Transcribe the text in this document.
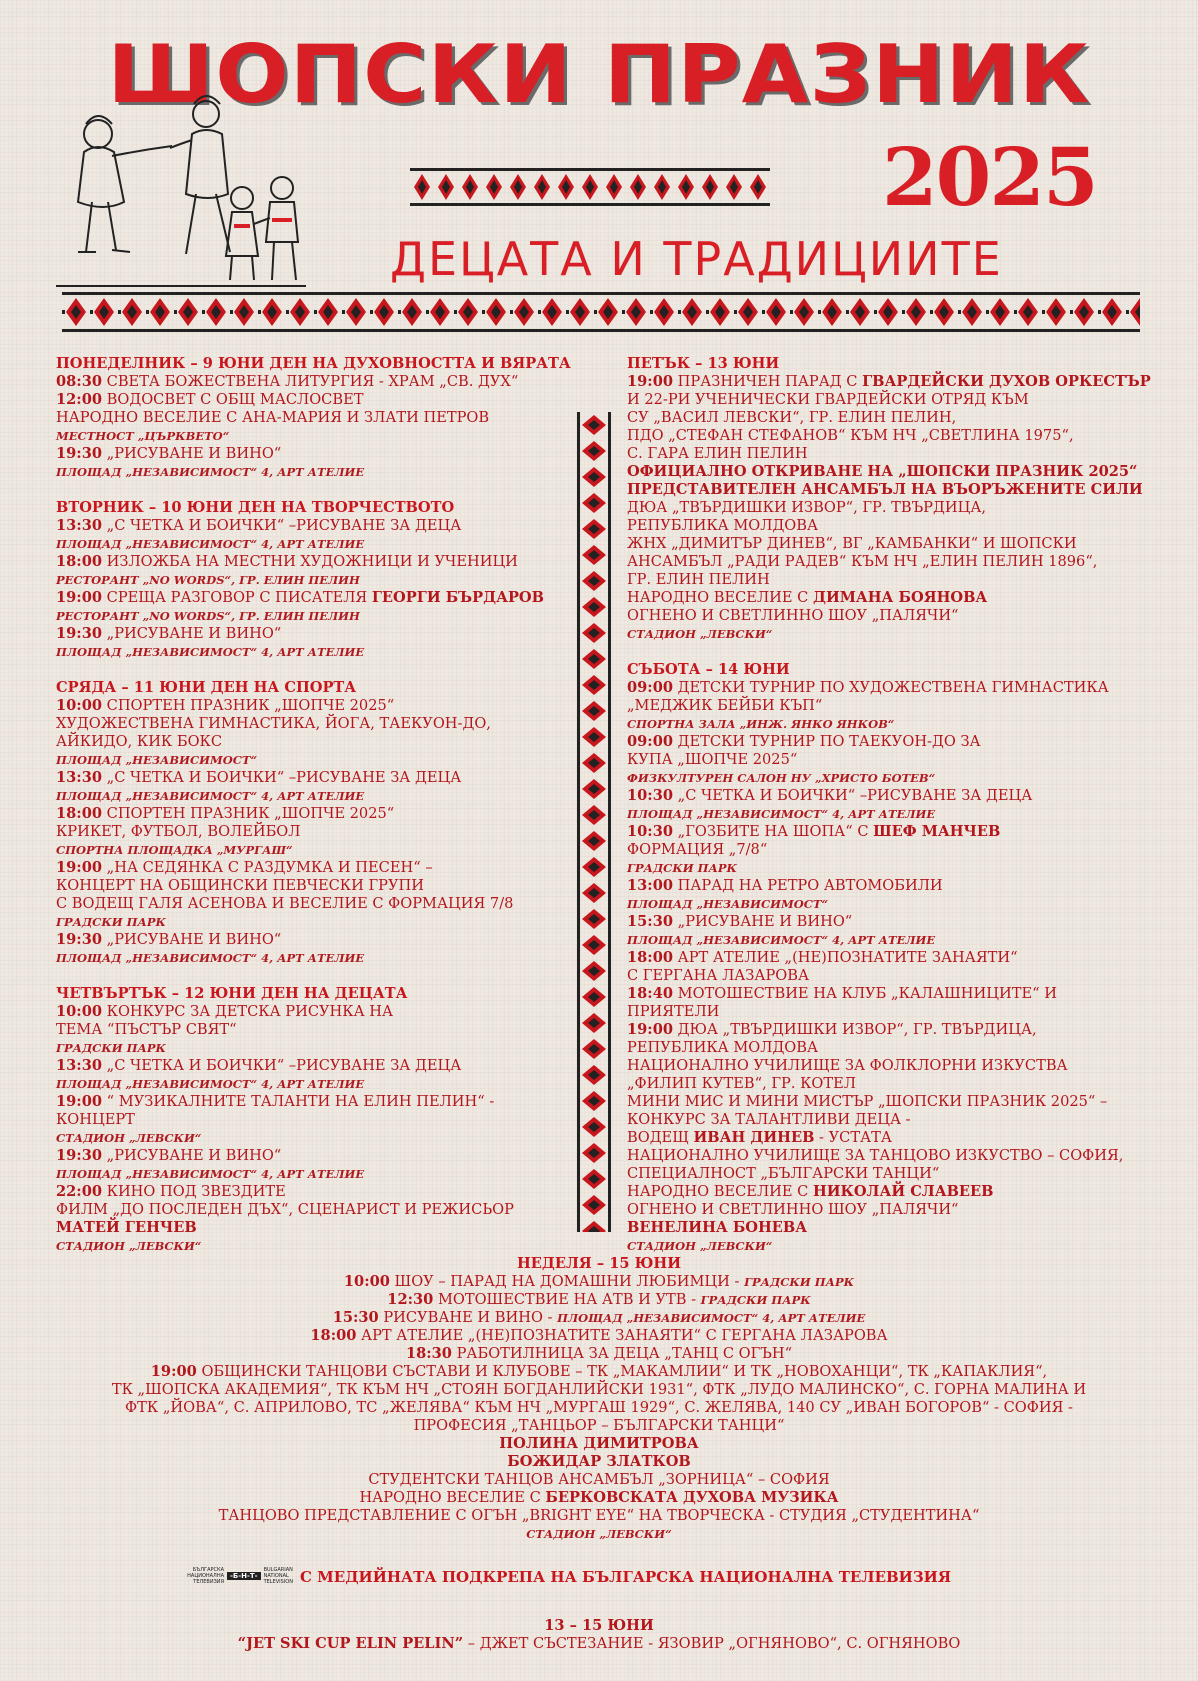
ШОПСКИ ПРАЗНИК
2025
ДЕЦАТА И ТРАДИЦИИТЕ
ПОНЕДЕЛНИК – 9 ЮНИ ДЕН НА ДУХОВНОСТТА И ВЯРАТА
08:30 СВЕТА БОЖЕСТВЕНА ЛИТУРГИЯ - ХРАМ „СВ. ДУХ“
12:00 ВОДОСВЕТ С ОБЩ МАСЛОСВЕТ
НАРОДНО ВЕСЕЛИЕ С АНА-МАРИЯ И ЗЛАТИ ПЕТРОВ
МЕСТНОСТ „ЦЪРКВЕТО“
19:30 „РИСУВАНЕ И ВИНО“
ПЛОЩАД „НЕЗАВИСИМОСТ“ 4, АРТ АТЕЛИЕ
ВТОРНИК – 10 ЮНИ ДЕН НА ТВОРЧЕСТВОТО
13:30 „С ЧЕТКА И БОИЧКИ“ –РИСУВАНЕ ЗА ДЕЦА
ПЛОЩАД „НЕЗАВИСИМОСТ“ 4, АРТ АТЕЛИЕ
18:00 ИЗЛОЖБА НА МЕСТНИ ХУДОЖНИЦИ И УЧЕНИЦИ
РЕСТОРАНТ „NO WORDS“, ГР. ЕЛИН ПЕЛИН
19:00 СРЕЩА РАЗГОВОР С ПИСАТЕЛЯ ГЕОРГИ БЪРДАРОВ
РЕСТОРАНТ „NO WORDS“, ГР. ЕЛИН ПЕЛИН
19:30 „РИСУВАНЕ И ВИНО“
ПЛОЩАД „НЕЗАВИСИМОСТ“ 4, АРТ АТЕЛИЕ
СРЯДА – 11 ЮНИ ДЕН НА СПОРТА
10:00 СПОРТЕН ПРАЗНИК „ШОПЧЕ 2025“
ХУДОЖЕСТВЕНА ГИМНАСТИКА, ЙОГА, ТАЕКУОН-ДО,
АЙКИДО, КИК БОКС
ПЛОЩАД „НЕЗАВИСИМОСТ“
13:30 „С ЧЕТКА И БОИЧКИ“ –РИСУВАНЕ ЗА ДЕЦА
ПЛОЩАД „НЕЗАВИСИМОСТ“ 4, АРТ АТЕЛИЕ
18:00 СПОРТЕН ПРАЗНИК „ШОПЧЕ 2025“
КРИКЕТ, ФУТБОЛ, ВОЛЕЙБОЛ
СПОРТНА ПЛОЩАДКА „МУРГАШ“
19:00 „НА СЕДЯНКА С РАЗДУМКА И ПЕСЕН“ –
КОНЦЕРТ НА ОБЩИНСКИ ПЕВЧЕСКИ ГРУПИ
С ВОДЕЩ ГАЛЯ АСЕНОВА И ВЕСЕЛИЕ С ФОРМАЦИЯ 7/8
ГРАДСКИ ПАРК
19:30 „РИСУВАНЕ И ВИНО“
ПЛОЩАД „НЕЗАВИСИМОСТ“ 4, АРТ АТЕЛИЕ
ЧЕТВЪРТЪК – 12 ЮНИ ДЕН НА ДЕЦАТА
10:00 КОНКУРС ЗА ДЕТСКА РИСУНКА НА
ТЕМА “ПЪСТЪР СВЯТ“
ГРАДСКИ ПАРК
13:30 „С ЧЕТКА И БОИЧКИ“ –РИСУВАНЕ ЗА ДЕЦА
ПЛОЩАД „НЕЗАВИСИМОСТ“ 4, АРТ АТЕЛИЕ
19:00 “ МУЗИКАЛНИТЕ ТАЛАНТИ НА ЕЛИН ПЕЛИН“ -
КОНЦЕРТ
СТАДИОН „ЛЕВСКИ“
19:30 „РИСУВАНЕ И ВИНО“
ПЛОЩАД „НЕЗАВИСИМОСТ“ 4, АРТ АТЕЛИЕ
22:00 КИНО ПОД ЗВЕЗДИТЕ
ФИЛМ „ДО ПОСЛЕДЕН ДЪХ“, СЦЕНАРИСТ И РЕЖИСЬОР
МАТЕЙ ГЕНЧЕВ
СТАДИОН „ЛЕВСКИ“
ПЕТЪК – 13 ЮНИ
19:00 ПРАЗНИЧЕН ПАРАД С ГВАРДЕЙСКИ ДУХОВ ОРКЕСТЪР
И 22-РИ УЧЕНИЧЕСКИ ГВАРДЕЙСКИ ОТРЯД КЪМ
СУ „ВАСИЛ ЛЕВСКИ“, ГР. ЕЛИН ПЕЛИН,
ПДО „СТЕФАН СТЕФАНОВ“ КЪМ НЧ „СВЕТЛИНА 1975“,
С. ГАРА ЕЛИН ПЕЛИН
ОФИЦИАЛНО ОТКРИВАНЕ НА „ШОПСКИ ПРАЗНИК 2025“
ПРЕДСТАВИТЕЛЕН АНСАМБЪЛ НА ВЪОРЪЖЕНИТЕ СИЛИ
ДЮА „ТВЪРДИШКИ ИЗВОР“, ГР. ТВЪРДИЦА,
РЕПУБЛИКА МОЛДОВА
ЖНХ „ДИМИТЪР ДИНЕВ“, ВГ „КАМБАНКИ“ И ШОПСКИ
АНСАМБЪЛ „РАДИ РАДЕВ“ КЪМ НЧ „ЕЛИН ПЕЛИН 1896“,
ГР. ЕЛИН ПЕЛИН
НАРОДНО ВЕСЕЛИЕ С ДИМАНА БОЯНОВА
ОГНЕНО И СВЕТЛИННО ШОУ „ПАЛЯЧИ“
СТАДИОН „ЛЕВСКИ“
СЪБОТА – 14 ЮНИ
09:00 ДЕТСКИ ТУРНИР ПО ХУДОЖЕСТВЕНА ГИМНАСТИКА
„МЕДЖИК БЕЙБИ КЪП“
СПОРТНА ЗАЛА „ИНЖ. ЯНКО ЯНКОВ“
09:00 ДЕТСКИ ТУРНИР ПО ТАЕКУОН-ДО ЗА
КУПА „ШОПЧЕ 2025“
ФИЗКУЛТУРЕН САЛОН НУ „ХРИСТО БОТЕВ“
10:30 „С ЧЕТКА И БОИЧКИ“ –РИСУВАНЕ ЗА ДЕЦА
ПЛОЩАД „НЕЗАВИСИМОСТ“ 4, АРТ АТЕЛИЕ
10:30 „ГОЗБИТЕ НА ШОПА“ С ШЕФ МАНЧЕВ
ФОРМАЦИЯ „7/8“
ГРАДСКИ ПАРК
13:00 ПАРАД НА РЕТРО АВТОМОБИЛИ
ПЛОЩАД „НЕЗАВИСИМОСТ“
15:30 „РИСУВАНЕ И ВИНО“
ПЛОЩАД „НЕЗАВИСИМОСТ“ 4, АРТ АТЕЛИЕ
18:00 АРТ АТЕЛИЕ „(НЕ)ПОЗНАТИТЕ ЗАНАЯТИ“
С ГЕРГАНА ЛАЗАРОВА
18:40 МОТОШЕСТВИЕ НА КЛУБ „КАЛАШНИЦИТЕ“ И
ПРИЯТЕЛИ
19:00 ДЮА „ТВЪРДИШКИ ИЗВОР“, ГР. ТВЪРДИЦА,
РЕПУБЛИКА МОЛДОВА
НАЦИОНАЛНО УЧИЛИЩЕ ЗА ФОЛКЛОРНИ ИЗКУСТВА
„ФИЛИП КУТЕВ“, ГР. КОТЕЛ
МИНИ МИС И МИНИ МИСТЪР „ШОПСКИ ПРАЗНИК 2025“ –
КОНКУРС ЗА ТАЛАНТЛИВИ ДЕЦА -
ВОДЕЩ ИВАН ДИНЕВ - УСТАТА
НАЦИОНАЛНО УЧИЛИЩЕ ЗА ТАНЦОВО ИЗКУСТВО – СОФИЯ,
СПЕЦИАЛНОСТ „БЪЛГАРСКИ ТАНЦИ“
НАРОДНО ВЕСЕЛИЕ С НИКОЛАЙ СЛАВЕЕВ
ОГНЕНО И СВЕТЛИННО ШОУ „ПАЛЯЧИ“
ВЕНЕЛИНА БОНЕВА
СТАДИОН „ЛЕВСКИ“
НЕДЕЛЯ – 15 ЮНИ
10:00 ШОУ – ПАРАД НА ДОМАШНИ ЛЮБИМЦИ - ГРАДСКИ ПАРК
12:30 МОТОШЕСТВИЕ НА АТВ И УТВ - ГРАДСКИ ПАРК
15:30 РИСУВАНЕ И ВИНО - ПЛОЩАД „НЕЗАВИСИМОСТ“ 4, АРТ АТЕЛИЕ
18:00 АРТ АТЕЛИЕ „(НЕ)ПОЗНАТИТЕ ЗАНАЯТИ“ С ГЕРГАНА ЛАЗАРОВА
18:30 РАБОТИЛНИЦА ЗА ДЕЦА „ТАНЦ С ОГЪН“
19:00 ОБЩИНСКИ ТАНЦОВИ СЪСТАВИ И КЛУБОВЕ – ТК „МАКАМЛИИ“ И ТК „НОВОХАНЦИ“, ТК „КАПАКЛИЯ“,
ТК „ШОПСКА АКАДЕМИЯ“, ТК КЪМ НЧ „СТОЯН БОГДАНЛИЙСКИ 1931“, ФТК „ЛУДО МАЛИНСКО“, С. ГОРНА МАЛИНА И
ФТК „ЙОВА“, С. АПРИЛОВО, ТС „ЖЕЛЯВА“ КЪМ НЧ „МУРГАШ 1929“, С. ЖЕЛЯВА, 140 СУ „ИВАН БОГОРОВ“ - СОФИЯ -
ПРОФЕСИЯ „ТАНЦЬОР – БЪЛГАРСКИ ТАНЦИ“
ПОЛИНА ДИМИТРОВА
БОЖИДАР ЗЛАТКОВ
СТУДЕНТСКИ ТАНЦОВ АНСАМБЪЛ „ЗОРНИЦА“ – СОФИЯ
НАРОДНО ВЕСЕЛИЕ С БЕРКОВСКАТА ДУХОВА МУЗИКА
ТАНЦОВО ПРЕДСТАВЛЕНИЕ С ОГЪН „BRIGHT EYE“ НА ТВОРЧЕСКА - СТУДИЯ „СТУДЕНТИНА“
СТАДИОН „ЛЕВСКИ“
БЪЛГАРСКА НАЦИОНАЛНА ТЕЛЕВИЗИЯ
-Б-Н-Т-
BULGARIAN NATIONAL TELEVISION С МЕДИЙНАТА ПОДКРЕПА НА БЪЛГАРСКА НАЦИОНАЛНА ТЕЛЕВИЗИЯ
13 – 15 ЮНИ
“JET SKI CUP ELIN PELIN” – ДЖЕТ СЪСТЕЗАНИЕ - ЯЗОВИР „ОГНЯНОВО“, С. ОГНЯНОВО
